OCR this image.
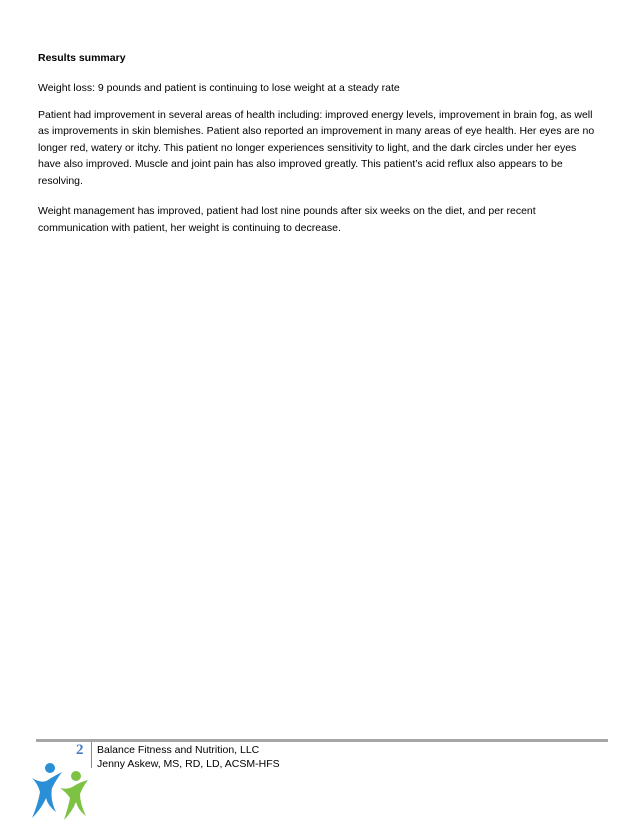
Results summary

Weight loss: 9 pounds and patient is continuing to lose weight at a steady rate

Patient had improvement in several areas of health including: improved energy levels, improvement in brain fog, as well as improvements in skin blemishes. Patient also reported an improvement in many areas of eye health. Her eyes are no longer red, watery or itchy. This patient no longer experiences sensitivity to light, and the dark circles under her eyes have also improved. Muscle and joint pain has also improved greatly. This patient’s acid reflux also appears to be resolving.

Weight management has improved, patient had lost nine pounds after six weeks on the diet, and per recent communication with patient, her weight is continuing to decrease.

2 Balance Fitness and Nutrition, LLC
Jenny Askew, MS, RD, LD, ACSM-HFS
